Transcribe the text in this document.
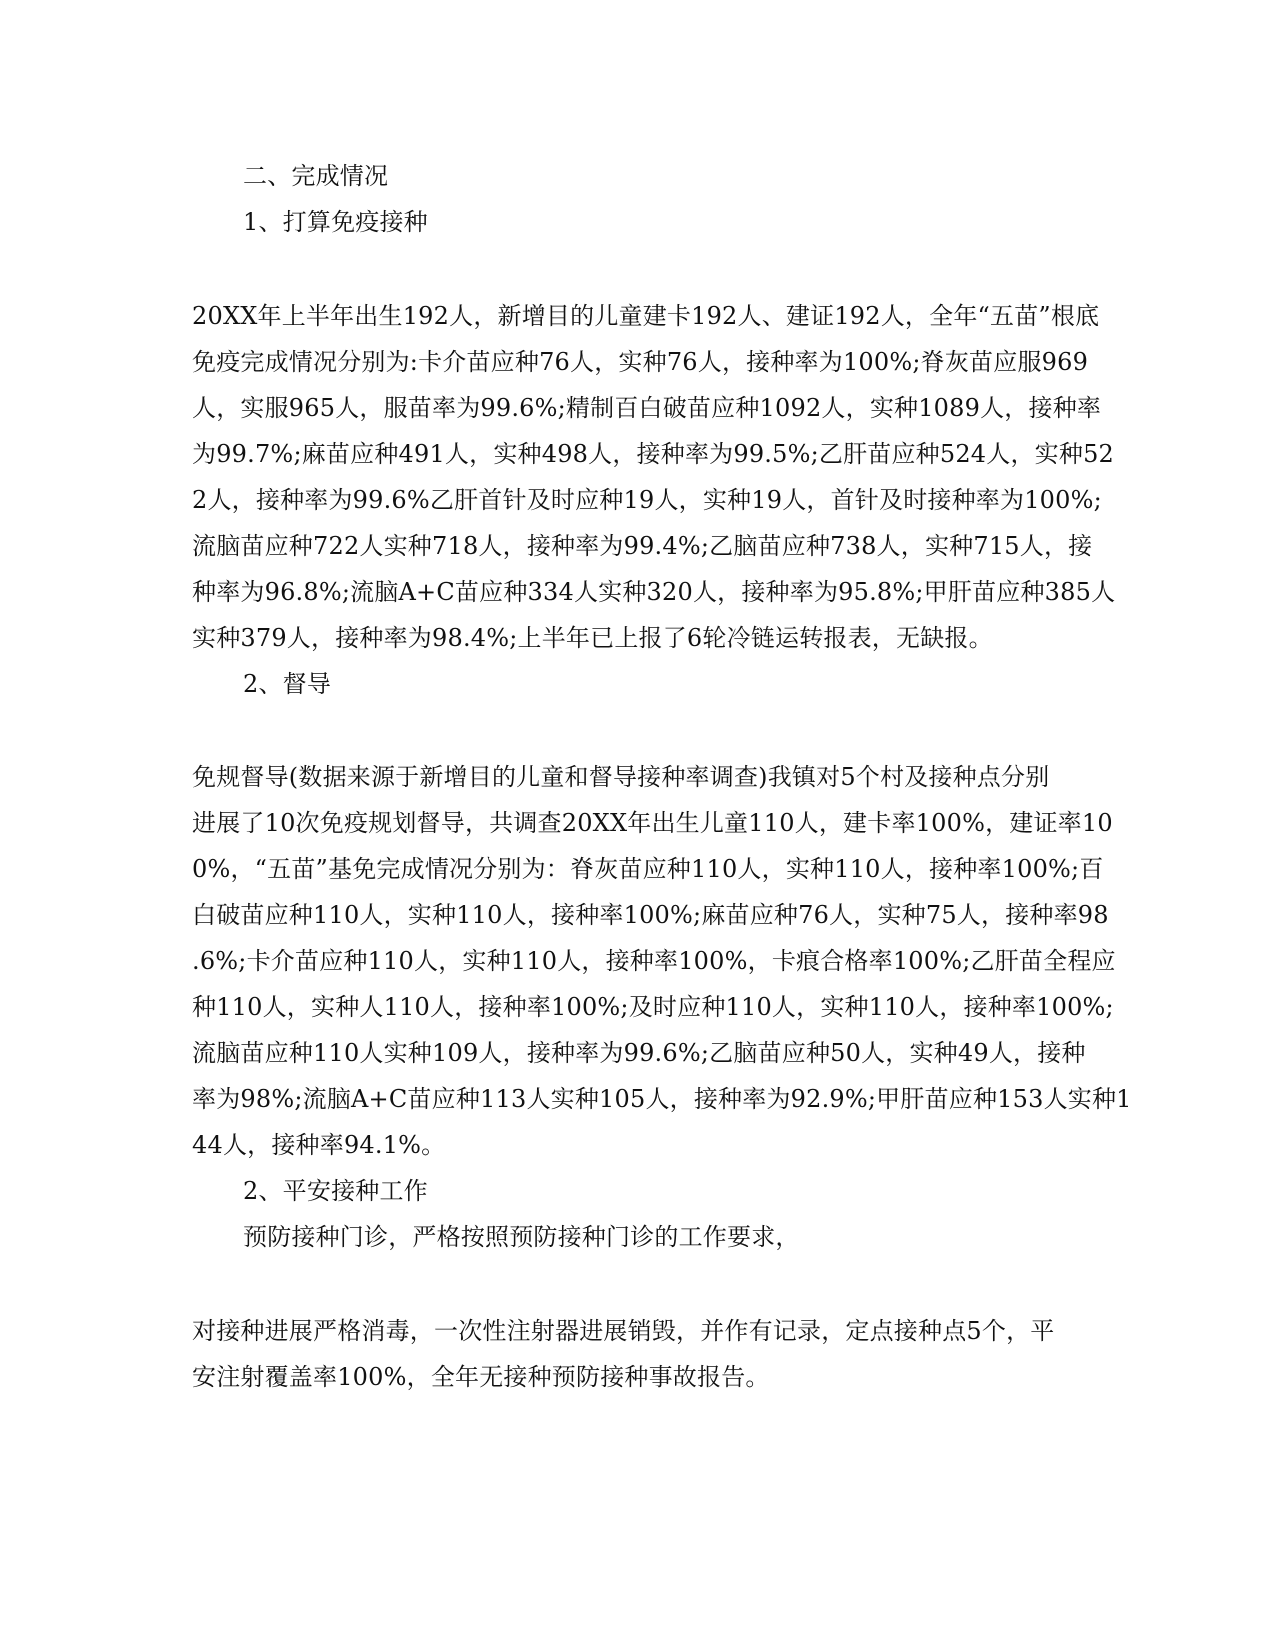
二、完成情况
1、打算免疫接种
20XX年上半年出生192人，新增目的儿童建卡192人、建证192人，全年“五苗”根底
免疫完成情况分别为:卡介苗应种76人，实种76人，接种率为100%;脊灰苗应服969
人，实服965人，服苗率为99.6%;精制百白破苗应种1092人，实种1089人，接种率
为99.7%;麻苗应种491人，实种498人，接种率为99.5%;乙肝苗应种524人，实种52
2人，接种率为99.6%乙肝首针及时应种19人，实种19人，首针及时接种率为100%;
流脑苗应种722人实种718人，接种率为99.4%;乙脑苗应种738人，实种715人，接
种率为96.8%;流脑A+C苗应种334人实种320人，接种率为95.8%;甲肝苗应种385人
实种379人，接种率为98.4%;上半年已上报了6轮冷链运转报表，无缺报。
2、督导
免规督导(数据来源于新增目的儿童和督导接种率调查)我镇对5个村及接种点分别
进展了10次免疫规划督导，共调查20XX年出生儿童110人，建卡率100%，建证率10
0%，“五苗”基免完成情况分别为：脊灰苗应种110人，实种110人，接种率100%;百
白破苗应种110人，实种110人，接种率100%;麻苗应种76人，实种75人，接种率98
.6%;卡介苗应种110人，实种110人，接种率100%，卡痕合格率100%;乙肝苗全程应
种110人，实种人110人，接种率100%;及时应种110人，实种110人，接种率100%;
流脑苗应种110人实种109人，接种率为99.6%;乙脑苗应种50人，实种49人，接种
率为98%;流脑A+C苗应种113人实种105人，接种率为92.9%;甲肝苗应种153人实种1
44人，接种率94.1%。
2、平安接种工作
预防接种门诊，严格按照预防接种门诊的工作要求，
对接种进展严格消毒，一次性注射器进展销毁，并作有记录，定点接种点5个，平
安注射覆盖率100%，全年无接种预防接种事故报告。
